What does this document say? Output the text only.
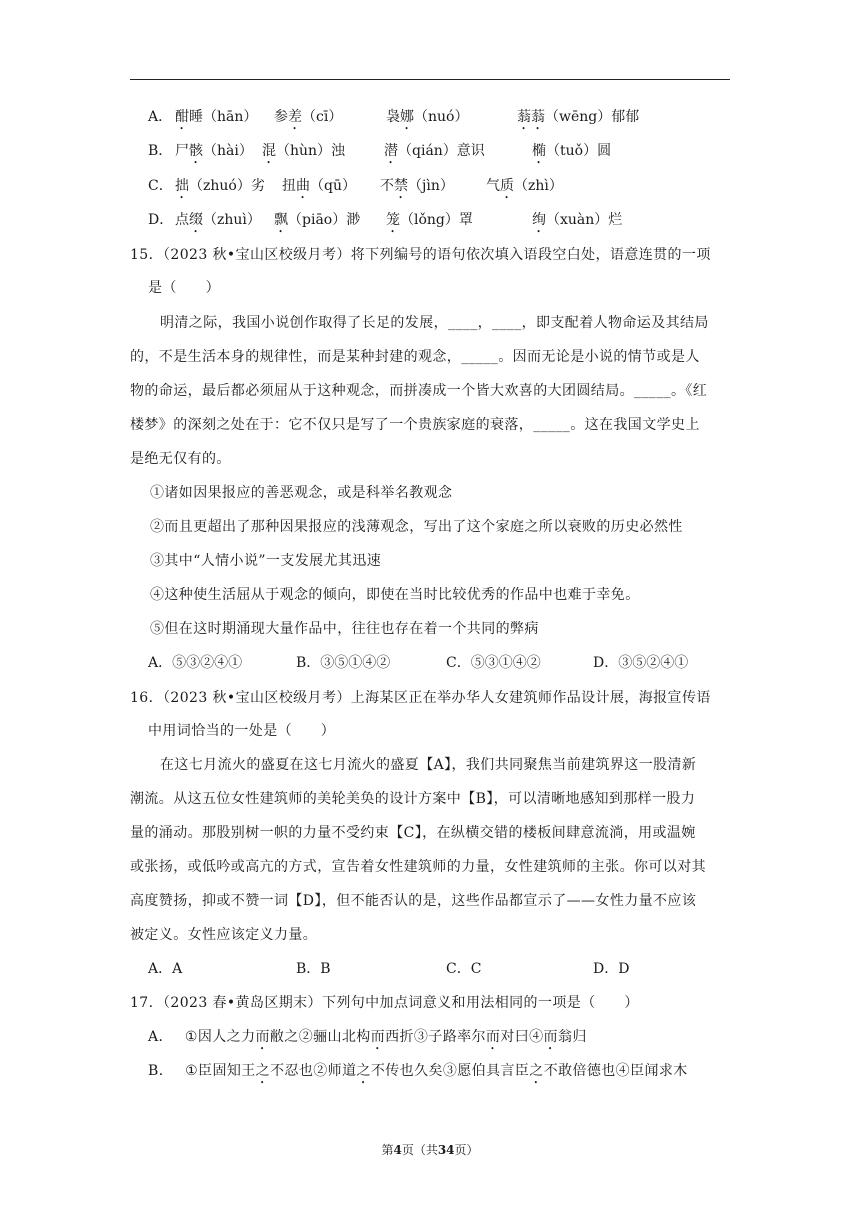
A． 酣睡（hān） 参差（cī）	袅娜（nuó）	蓊蓊（wēng）郁郁
B． 尸骸（hài） 混（hùn）浊	潜（qián）意识	椭（tuǒ）圆
C． 拙（zhuó）劣 扭曲（qū） 不禁（jìn） 气质（zhì）
D． 点缀（zhuì） 飘（piāo）渺 笼（lǒng）罩	绚（xuàn）烂
15．（2023 秋•宝山区校级月考）将下列编号的语句依次填入语段空白处，语意连贯的一项
是（　　）
明清之际，我国小说创作取得了长足的发展，____，____，即支配着人物命运及其结局
的，不是生活本身的规律性，而是某种封建的观念，_____。因而无论是小说的情节或是人
物的命运，最后都必须屈从于这种观念，而拼凑成一个皆大欢喜的大团圆结局。_____。《红
楼梦》的深刻之处在于：它不仅只是写了一个贵族家庭的衰落，_____。这在我国文学史上
是绝无仅有的。
①诸如因果报应的善恶观念，或是科举名教观念
②而且更超出了那种因果报应的浅薄观念，写出了这个家庭之所以衰败的历史必然性
③其中“人情小说”一支发展尤其迅速
④这种使生活屈从于观念的倾向，即使在当时比较优秀的作品中也难于幸免。
⑤但在这时期涌现大量作品中，往往也存在着一个共同的弊病
A．⑤③②④①	B．③⑤①④②	C．⑤③①④②	D．③⑤②④①
16．（2023 秋•宝山区校级月考）上海某区正在举办华人女建筑师作品设计展，海报宣传语
中用词恰当的一处是（　　）
在这七月流火的盛夏在这七月流火的盛夏【A】，我们共同聚焦当前建筑界这一股清新
潮流。从这五位女性建筑师的美轮美奂的设计方案中【B】，可以清晰地感知到那样一股力
量的涌动。那股别树一帜的力量不受约束【C】，在纵横交错的楼板间肆意流淌，用或温婉
或张扬，或低吟或高亢的方式，宣告着女性建筑师的力量，女性建筑师的主张。你可以对其
高度赞扬，抑或不赞一词【D】，但不能否认的是，这些作品都宣示了——女性力量不应该
被定义。女性应该定义力量。
A．A	B．B	C．C	D．D
17．（2023 春•黄岛区期末）下列句中加点词意义和用法相同的一项是（　　）
A． ①因人之力而敝之②骊山北构而西折③子路率尔而对曰④而翁归
B． ①臣固知王之不忍也②师道之不传也久矣③愿伯具言臣之不敢倍德也④臣闻求木
第4页（共34页）
